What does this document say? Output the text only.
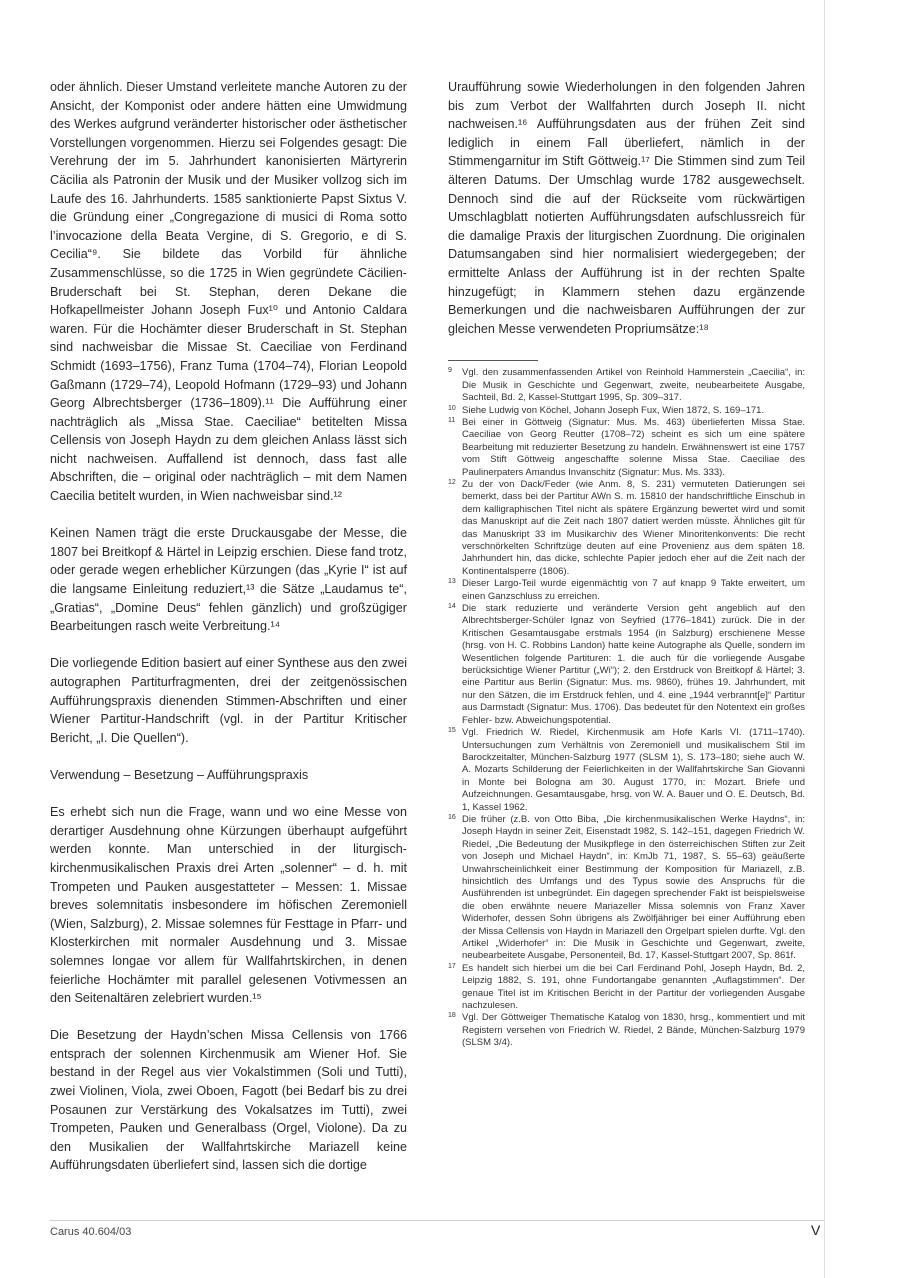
oder ähnlich. Dieser Umstand verleitete manche Autoren zu der Ansicht, der Komponist oder andere hätten eine Umwidmung des Werkes aufgrund veränderter historischer oder ästhetischer Vorstellungen vorgenommen. Hierzu sei Folgendes gesagt: Die Verehrung der im 5. Jahrhundert kanonisierten Märtyrerin Cäcilia als Patronin der Musik und der Musiker vollzog sich im Laufe des 16. Jahrhunderts. 1585 sanktionierte Papst Sixtus V. die Gründung einer „Congregazione di musici di Roma sotto l’invocazione della Beata Vergine, di S. Gregorio, e di S. Cecilia“⁹. Sie bildete das Vorbild für ähnliche Zusammenschlüsse, so die 1725 in Wien gegründete Cäcilien-Bruderschaft bei St. Stephan, deren Dekane die Hofkapellmeister Johann Joseph Fux¹⁰ und Antonio Caldara waren. Für die Hochämter dieser Bruderschaft in St. Stephan sind nachweisbar die Missae St. Caeciliae von Ferdinand Schmidt (1693–1756), Franz Tuma (1704–74), Florian Leopold Gaßmann (1729–74), Leopold Hofmann (1729–93) und Johann Georg Albrechtsberger (1736–1809).¹¹ Die Aufführung einer nachträglich als „Missa Stae. Caeciliae“ betitelten Missa Cellensis von Joseph Haydn zu dem gleichen Anlass lässt sich nicht nachweisen. Auffallend ist dennoch, dass fast alle Abschriften, die – original oder nachträglich – mit dem Namen Caecilia betitelt wurden, in Wien nachweisbar sind.¹²

Keinen Namen trägt die erste Druckausgabe der Messe, die 1807 bei Breitkopf & Härtel in Leipzig erschien. Diese fand trotz, oder gerade wegen erheblicher Kürzungen (das „Kyrie I“ ist auf die langsame Einleitung reduziert,¹³ die Sätze „Laudamus te“, „Gratias“, „Domine Deus“ fehlen gänzlich) und großzügiger Bearbeitungen rasch weite Verbreitung.¹⁴

Die vorliegende Edition basiert auf einer Synthese aus den zwei autographen Partiturfragmenten, drei der zeitgenössischen Aufführungspraxis dienenden Stimmen-Abschriften und einer Wiener Partitur-Handschrift (vgl. in der Partitur Kritischer Bericht, „I. Die Quellen“).

Verwendung – Besetzung – Aufführungspraxis

Es erhebt sich nun die Frage, wann und wo eine Messe von derartiger Ausdehnung ohne Kürzungen überhaupt aufgeführt werden konnte. Man unterschied in der liturgisch-kirchenmusikalischen Praxis drei Arten „solenner“ – d. h. mit Trompeten und Pauken ausgestatteter – Messen: 1. Missae breves solemnitatis insbesondere im höfischen Zeremoniell (Wien, Salzburg), 2. Missae solemnes für Festtage in Pfarr- und Klosterkirchen mit normaler Ausdehnung und 3. Missae solemnes longae vor allem für Wallfahrtskirchen, in denen feierliche Hochämter mit parallel gelesenen Votivmessen an den Seitenaltären zelebriert wurden.¹⁵

Die Besetzung der Haydn’schen Missa Cellensis von 1766 entsprach der solennen Kirchenmusik am Wiener Hof. Sie bestand in der Regel aus vier Vokalstimmen (Soli und Tutti), zwei Violinen, Viola, zwei Oboen, Fagott (bei Bedarf bis zu drei Posaunen zur Verstärkung des Vokalsatzes im Tutti), zwei Trompeten, Pauken und Generalbass (Orgel, Violone). Da zu den Musikalien der Wallfahrtskirche Mariazell keine Aufführungsdaten überliefert sind, lassen sich die dortige

Uraufführung sowie Wiederholungen in den folgenden Jahren bis zum Verbot der Wallfahrten durch Joseph II. nicht nachweisen.¹⁶ Aufführungsdaten aus der frühen Zeit sind lediglich in einem Fall überliefert, nämlich in der Stimmengarnitur im Stift Göttweig.¹⁷ Die Stimmen sind zum Teil älteren Datums. Der Umschlag wurde 1782 ausgewechselt. Dennoch sind die auf der Rückseite vom rückwärtigen Umschlagblatt notierten Aufführungsdaten aufschlussreich für die damalige Praxis der liturgischen Zuordnung. Die originalen Datumsangaben sind hier normalisiert wiedergegeben; der ermittelte Anlass der Aufführung ist in der rechten Spalte hinzugefügt; in Klammern stehen dazu ergänzende Bemerkungen und die nachweisbaren Aufführungen der zur gleichen Messe verwendeten Propriumsätze:¹⁸

9 Vgl. den zusammenfassenden Artikel von Reinhold Hammerstein „Caecilia“, in: Die Musik in Geschichte und Gegenwart, zweite, neubearbeitete Ausgabe, Sachteil, Bd. 2, Kassel-Stuttgart 1995, Sp. 309–317.
10 Siehe Ludwig von Köchel, Johann Joseph Fux, Wien 1872, S. 169–171.
11 Bei einer in Göttweig (Signatur: Mus. Ms. 463) überlieferten Missa Stae. Caeciliae von Georg Reutter (1708–72) scheint es sich um eine spätere Bearbeitung mit reduzierter Besetzung zu handeln. Erwähnenswert ist eine 1757 vom Stift Göttweig angeschaffte solenne Missa Stae. Caeciliae des Paulinerpaters Amandus Invanschitz (Signatur: Mus. Ms. 333).
12 Zu der von Dack/Feder (wie Anm. 8, S. 231) vermuteten Datierungen sei bemerkt, dass bei der Partitur AWn S. m. 15810 der handschriftliche Einschub in dem kalligraphischen Titel nicht als spätere Ergänzung bewertet wird und somit das Manuskript auf die Zeit nach 1807 datiert werden müsste. Ähnliches gilt für das Manuskript 33 im Musikarchiv des Wiener Minoritenkonvents: Die recht verschnörkelten Schriftzüge deuten auf eine Provenienz aus dem späten 18. Jahrhundert hin, das dicke, schlechte Papier jedoch eher auf die Zeit nach der Kontinentalsperre (1806).
13 Dieser Largo-Teil wurde eigenmächtig von 7 auf knapp 9 Takte erweitert, um einen Ganzschluss zu erreichen.
14 Die stark reduzierte und veränderte Version geht angeblich auf den Albrechtsberger-Schüler Ignaz von Seyfried (1776–1841) zurück. Die in der Kritischen Gesamtausgabe erstmals 1954 (in Salzburg) erschienene Messe (hrsg. von H. C. Robbins Landon) hatte keine Autographe als Quelle, sondern im Wesentlichen folgende Partituren: 1. die auch für die vorliegende Ausgabe berücksichtige Wiener Partitur („Wi“); 2. den Erstdruck von Breitkopf & Härtel; 3. eine Partitur aus Berlin (Signatur: Mus. ms. 9860), frühes 19. Jahrhundert, mit nur den Sätzen, die im Erstdruck fehlen, und 4. eine „1944 verbrannt[e]“ Partitur aus Darmstadt (Signatur: Mus. 1706). Das bedeutet für den Notentext ein großes Fehler- bzw. Abweichungspotential.
15 Vgl. Friedrich W. Riedel, Kirchenmusik am Hofe Karls VI. (1711–1740). Untersuchungen zum Verhältnis von Zeremoniell und musikalischem Stil im Barockzeitalter, München-Salzburg 1977 (SLSM 1), S. 173–180; siehe auch W. A. Mozarts Schilderung der Feierlichkeiten in der Wallfahrtskirche San Giovanni in Monte bei Bologna am 30. August 1770, in: Mozart. Briefe und Aufzeichnungen. Gesamtausgabe, hrsg. von W. A. Bauer und O. E. Deutsch, Bd. 1, Kassel 1962.
16 Die früher (z.B. von Otto Biba, „Die kirchenmusikalischen Werke Haydns“, in: Joseph Haydn in seiner Zeit, Eisenstadt 1982, S. 142–151, dagegen Friedrich W. Riedel, „Die Bedeutung der Musikpflege in den österreichischen Stiften zur Zeit von Joseph und Michael Haydn“, in: KmJb 71, 1987, S. 55–63) geäußerte Unwahrscheinlichkeit einer Bestimmung der Komposition für Mariazell, z.B. hinsichtlich des Umfangs und des Typus sowie des Anspruchs für die Ausführenden ist unbegründet. Ein dagegen sprechender Fakt ist beispielsweise die oben erwähnte neuere Mariazeller Missa solemnis von Franz Xaver Widerhofer, dessen Sohn übrigens als Zwölfjähriger bei einer Aufführung eben der Missa Cellensis von Haydn in Mariazell den Orgelpart spielen durfte. Vgl. den Artikel „Widerhofer“ in: Die Musik in Geschichte und Gegenwart, zweite, neubearbeitete Ausgabe, Personenteil, Bd. 17, Kassel-Stuttgart 2007, Sp. 861f.
17 Es handelt sich hierbei um die bei Carl Ferdinand Pohl, Joseph Haydn, Bd. 2, Leipzig 1882, S. 191, ohne Fundortangabe genannten „Auflagstimmen“. Der genaue Titel ist im Kritischen Bericht in der Partitur der vorliegenden Ausgabe nachzulesen.
18 Vgl. Der Göttweiger Thematische Katalog von 1830, hrsg., kommentiert und mit Registern versehen von Friedrich W. Riedel, 2 Bände, München-Salzburg 1979 (SLSM 3/4).
Carus 40.604/03	V
